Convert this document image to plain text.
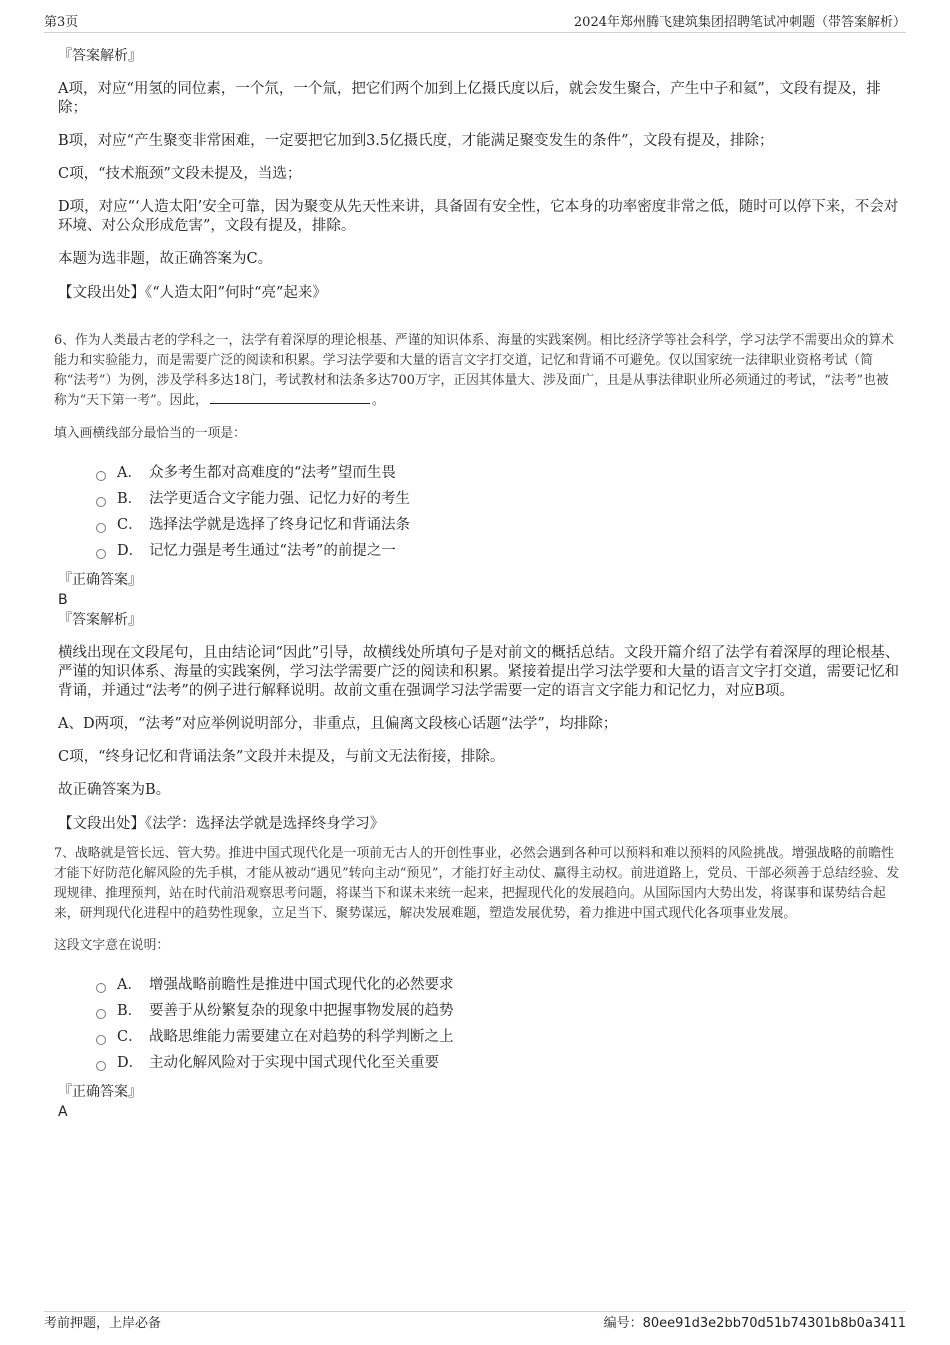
第3页	2024年郑州腾飞建筑集团招聘笔试冲刺题（带答案解析）
『答案解析』

A项，对应“用氢的同位素，一个氘，一个氚，把它们两个加到上亿摄氏度以后，就会发生聚合，产生中子和氦”，文段有提及，排除；

B项，对应“产生聚变非常困难，一定要把它加到3.5亿摄氏度，才能满足聚变发生的条件”，文段有提及，排除；

C项，“技术瓶颈”文段未提及，当选；

D项，对应“‘人造太阳’安全可靠，因为聚变从先天性来讲，具备固有安全性，它本身的功率密度非常之低，随时可以停下来，不会对环境、对公众形成危害”，文段有提及，排除。

本题为选非题，故正确答案为C。

【文段出处】《“人造太阳”何时“亮”起来》

6、作为人类最古老的学科之一，法学有着深厚的理论根基、严谨的知识体系、海量的实践案例。相比经济学等社会科学，学习法学不需要出众的算术能力和实验能力，而是需要广泛的阅读和积累。学习法学要和大量的语言文字打交道，记忆和背诵不可避免。仅以国家统一法律职业资格考试（简称“法考”）为例，涉及学科多达18门，考试教材和法条多达700万字，正因其体量大、涉及面广，且是从事法律职业所必须通过的考试，“法考”也被称为“天下第一考”。因此，	。

填入画横线部分最恰当的一项是：

A． 众多考生都对高难度的“法考”望而生畏
B． 法学更适合文字能力强、记忆力好的考生
C． 选择法学就是选择了终身记忆和背诵法条
D． 记忆力强是考生通过“法考”的前提之一
『正确答案』
B
『答案解析』

横线出现在文段尾句，且由结论词“因此”引导，故横线处所填句子是对前文的概括总结。文段开篇介绍了法学有着深厚的理论根基、严谨的知识体系、海量的实践案例，学习法学需要广泛的阅读和积累。紧接着提出学习法学要和大量的语言文字打交道，需要记忆和背诵，并通过“法考”的例子进行解释说明。故前文重在强调学习法学需要一定的语言文字能力和记忆力，对应B项。

A、D两项，“法考”对应举例说明部分，非重点，且偏离文段核心话题“法学”，均排除；

C项，“终身记忆和背诵法条”文段并未提及，与前文无法衔接，排除。

故正确答案为B。

【文段出处】《法学：选择法学就是选择终身学习》

7、战略就是管长远、管大势。推进中国式现代化是一项前无古人的开创性事业，必然会遇到各种可以预料和难以预料的风险挑战。增强战略的前瞻性才能下好防范化解风险的先手棋，才能从被动“遇见”转向主动“预见”，才能打好主动仗、赢得主动权。前进道路上，党员、干部必须善于总结经验、发现规律、推理预判，站在时代前沿观察思考问题，将谋当下和谋未来统一起来，把握现代化的发展趋向。从国际国内大势出发，将谋事和谋势结合起来，研判现代化进程中的趋势性现象，立足当下、聚势谋远，解决发展难题，塑造发展优势，着力推进中国式现代化各项事业发展。

这段文字意在说明：

A． 增强战略前瞻性是推进中国式现代化的必然要求
B． 要善于从纷繁复杂的现象中把握事物发展的趋势
C． 战略思维能力需要建立在对趋势的科学判断之上
D． 主动化解风险对于实现中国式现代化至关重要
『正确答案』
A
考前押题，上岸必备	编号：80ee91d3e2bb70d51b74301b8b0a3411
